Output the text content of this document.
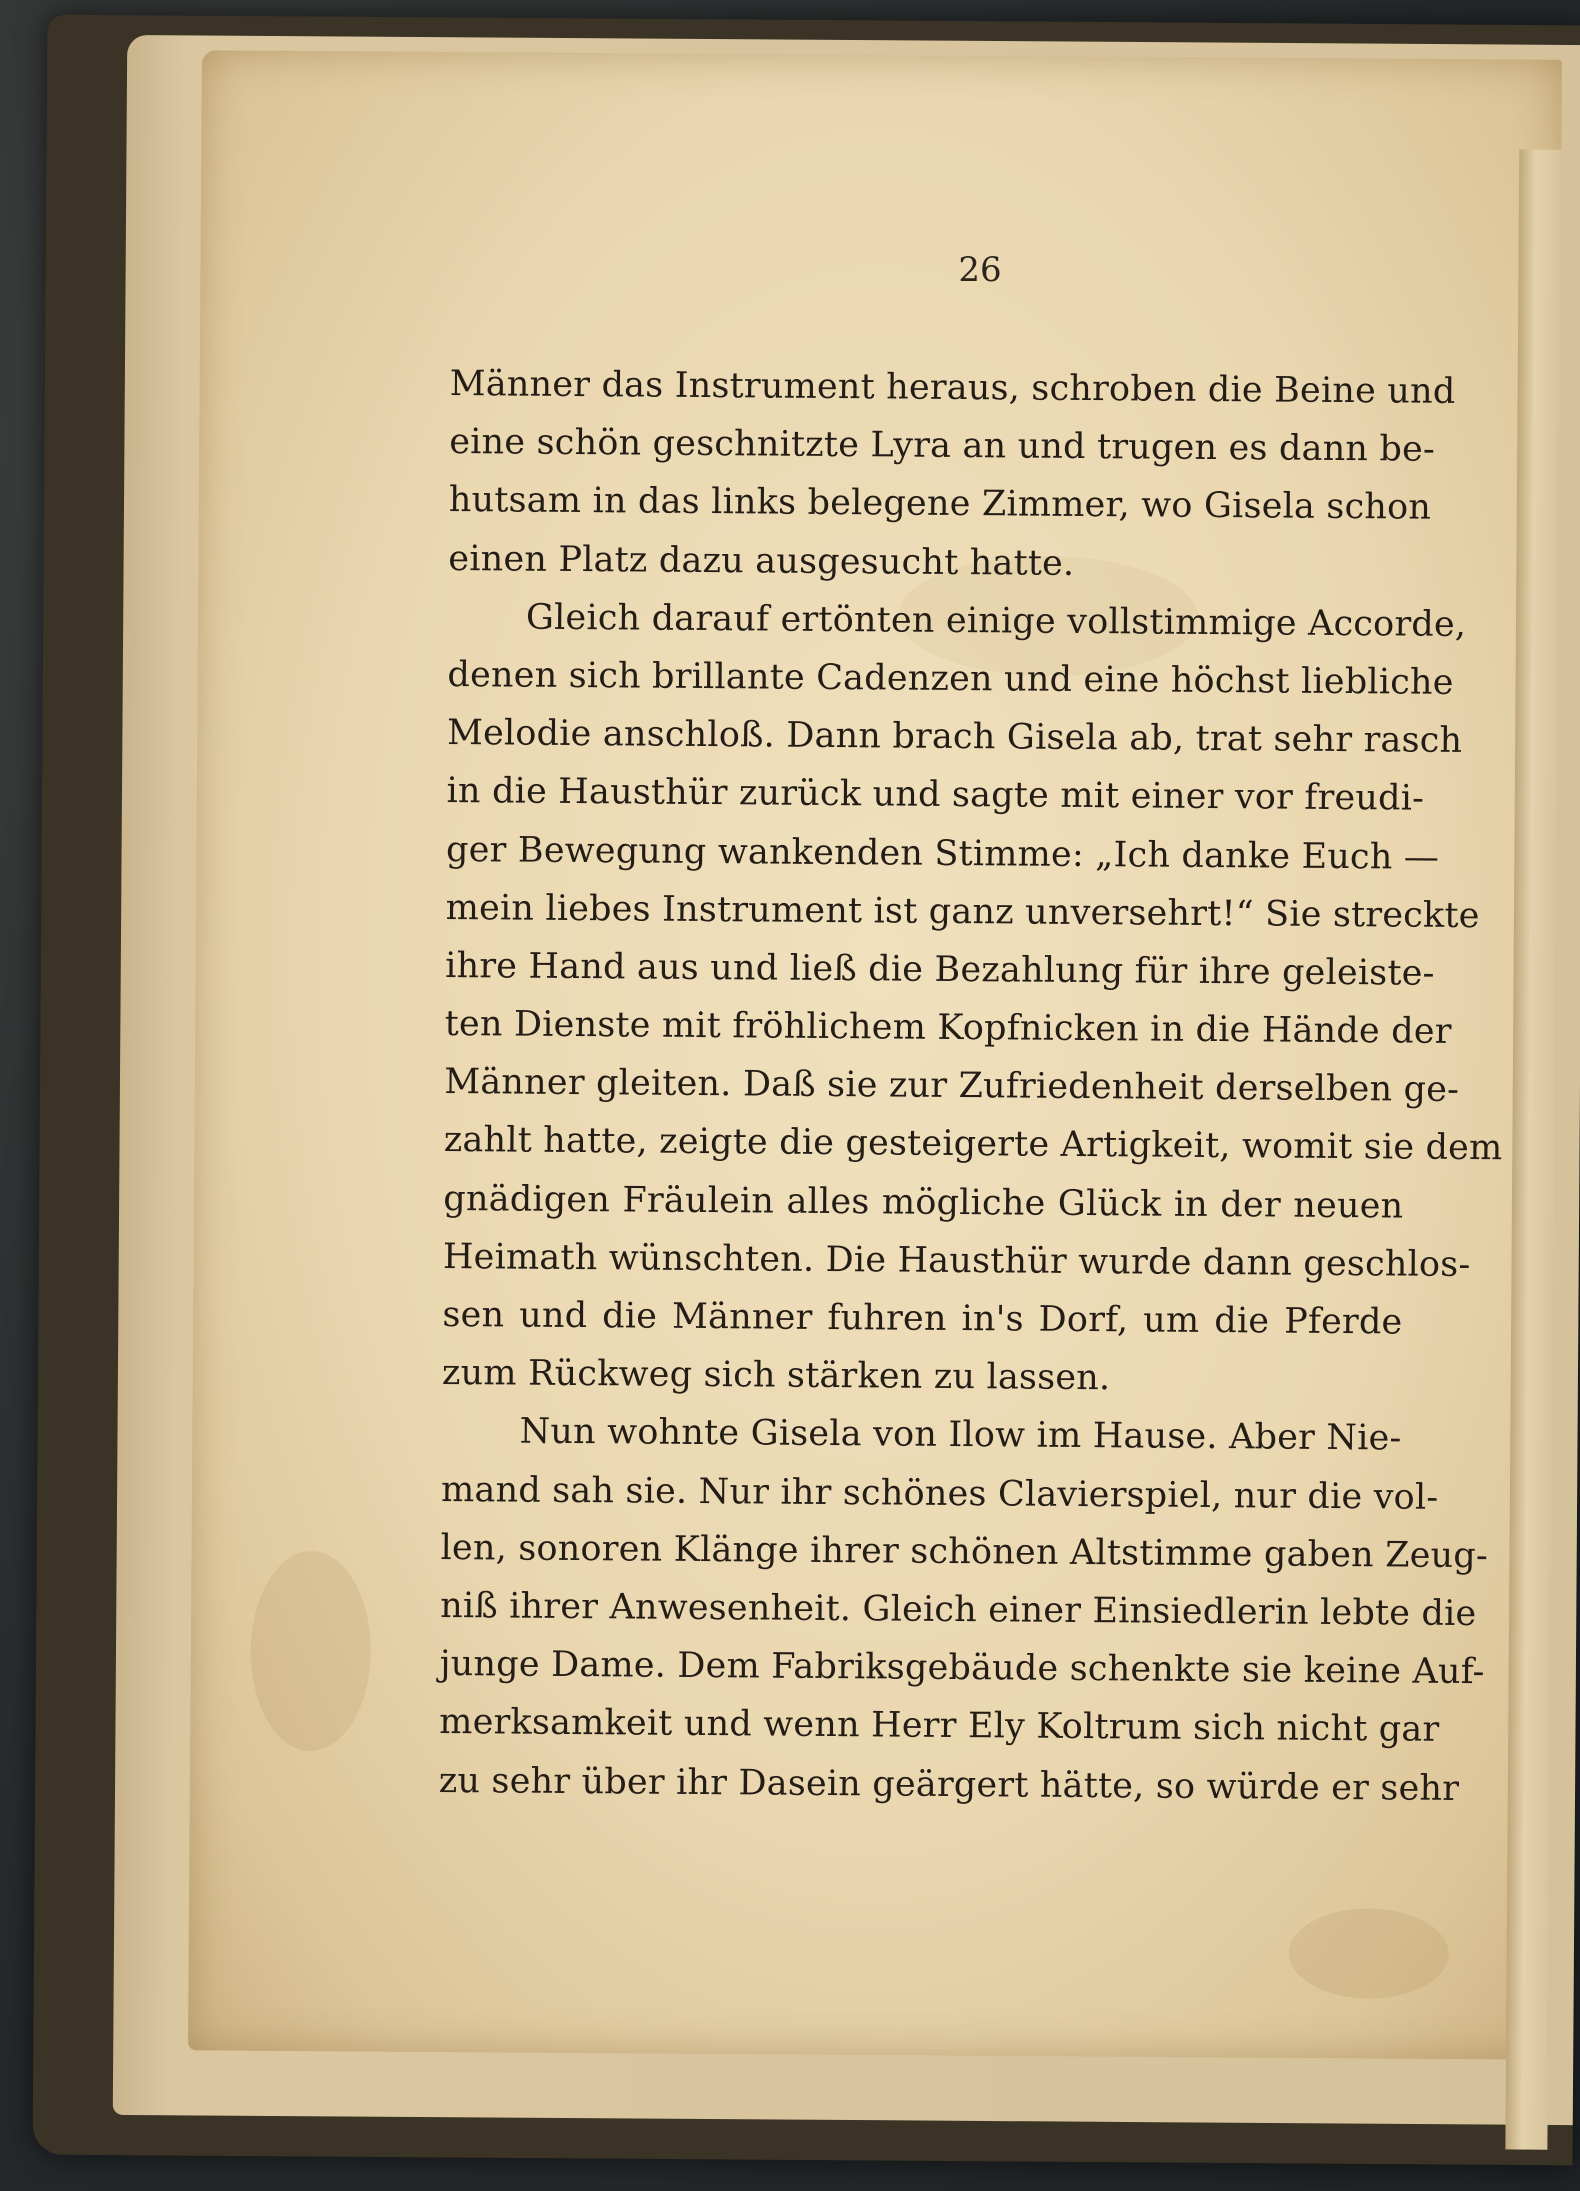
26
Männer das Instrument heraus, schroben die Beine und
eine schön geschnitzte Lyra an und trugen es dann be-
hutsam in das links belegene Zimmer, wo Gisela schon
einen Platz dazu ausgesucht hatte.
Gleich darauf ertönten einige vollstimmige Accorde,
denen sich brillante Cadenzen und eine höchst liebliche
Melodie anschloß. Dann brach Gisela ab, trat sehr rasch
in die Hausthür zurück und sagte mit einer vor freudi-
ger Bewegung wankenden Stimme: „Ich danke Euch —
mein liebes Instrument ist ganz unversehrt!“ Sie streckte
ihre Hand aus und ließ die Bezahlung für ihre geleiste-
ten Dienste mit fröhlichem Kopfnicken in die Hände der
Männer gleiten. Daß sie zur Zufriedenheit derselben ge-
zahlt hatte, zeigte die gesteigerte Artigkeit, womit sie dem
gnädigen Fräulein alles mögliche Glück in der neuen
Heimath wünschten. Die Hausthür wurde dann geschlos-
sen und die Männer fuhren in's Dorf, um die Pferde
zum Rückweg sich stärken zu lassen.
Nun wohnte Gisela von Ilow im Hause. Aber Nie-
mand sah sie. Nur ihr schönes Clavierspiel, nur die vol-
len, sonoren Klänge ihrer schönen Altstimme gaben Zeug-
niß ihrer Anwesenheit. Gleich einer Einsiedlerin lebte die
junge Dame. Dem Fabriksgebäude schenkte sie keine Auf-
merksamkeit und wenn Herr Ely Koltrum sich nicht gar
zu sehr über ihr Dasein geärgert hätte, so würde er sehr
